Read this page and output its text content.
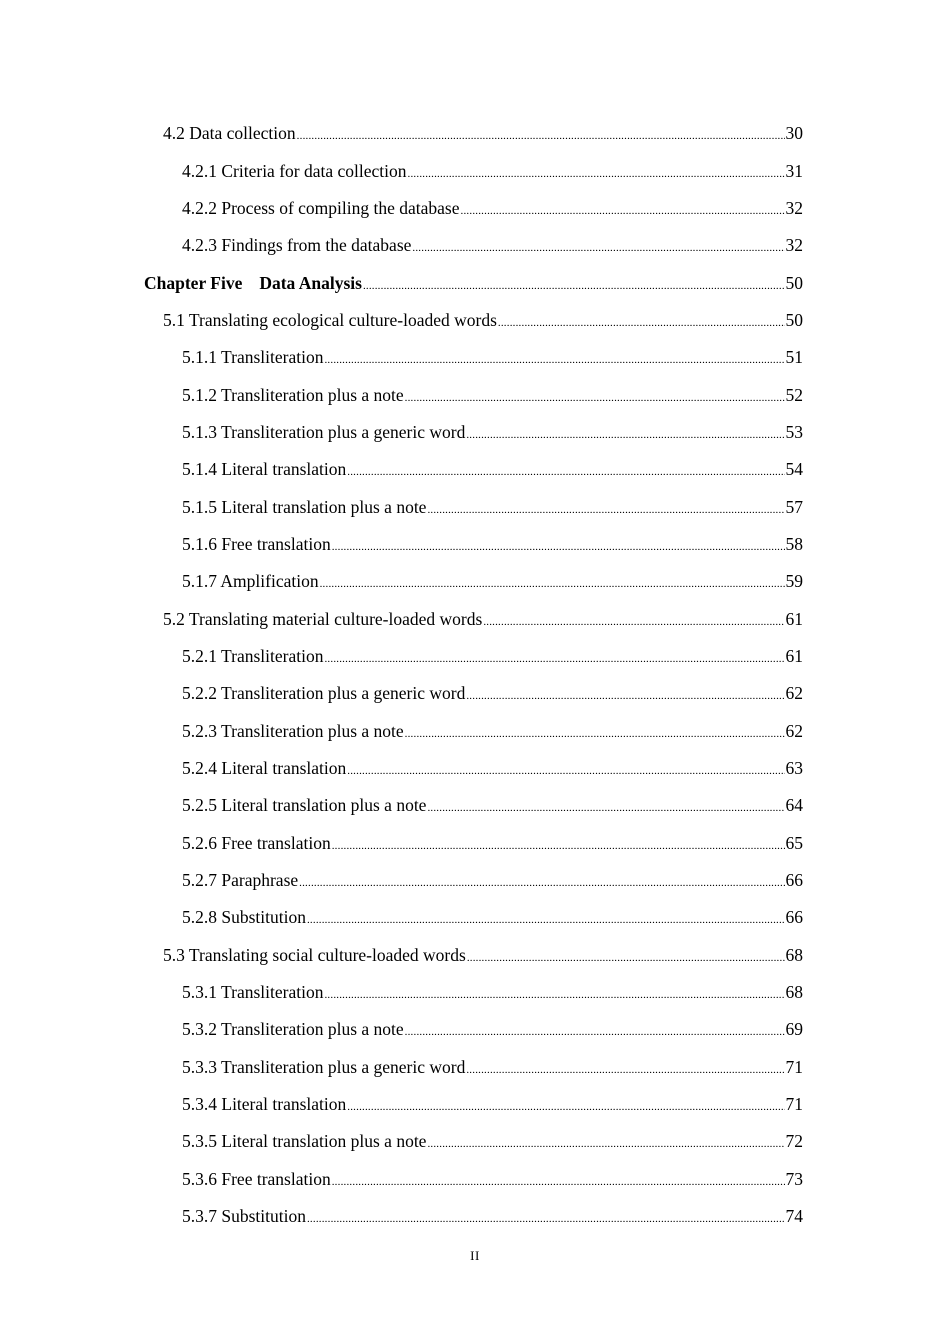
4.2 Data collection .....	30
4.2.1 Criteria for data collection .....	31
4.2.2 Process of compiling the database .....	32
4.2.3 Findings from the database .....	32
Chapter Five Data Analysis .....	50
5.1 Translating ecological culture-loaded words .....	50
5.1.1 Transliteration .....	51
5.1.2 Transliteration plus a note .....	52
5.1.3 Transliteration plus a generic word .....	53
5.1.4 Literal translation .....	54
5.1.5 Literal translation plus a note .....	57
5.1.6 Free translation .....	58
5.1.7 Amplification .....	59
5.2 Translating material culture-loaded words .....	61
5.2.1 Transliteration .....	61
5.2.2 Transliteration plus a generic word .....	62
5.2.3 Transliteration plus a note .....	62
5.2.4 Literal translation .....	63
5.2.5 Literal translation plus a note .....	64
5.2.6 Free translation .....	65
5.2.7 Paraphrase .....	66
5.2.8 Substitution .....	66
5.3 Translating social culture-loaded words .....	68
5.3.1 Transliteration .....	68
5.3.2 Transliteration plus a note .....	69
5.3.3 Transliteration plus a generic word .....	71
5.3.4 Literal translation .....	71
5.3.5 Literal translation plus a note .....	72
5.3.6 Free translation .....	73
5.3.7 Substitution .....	74
II
